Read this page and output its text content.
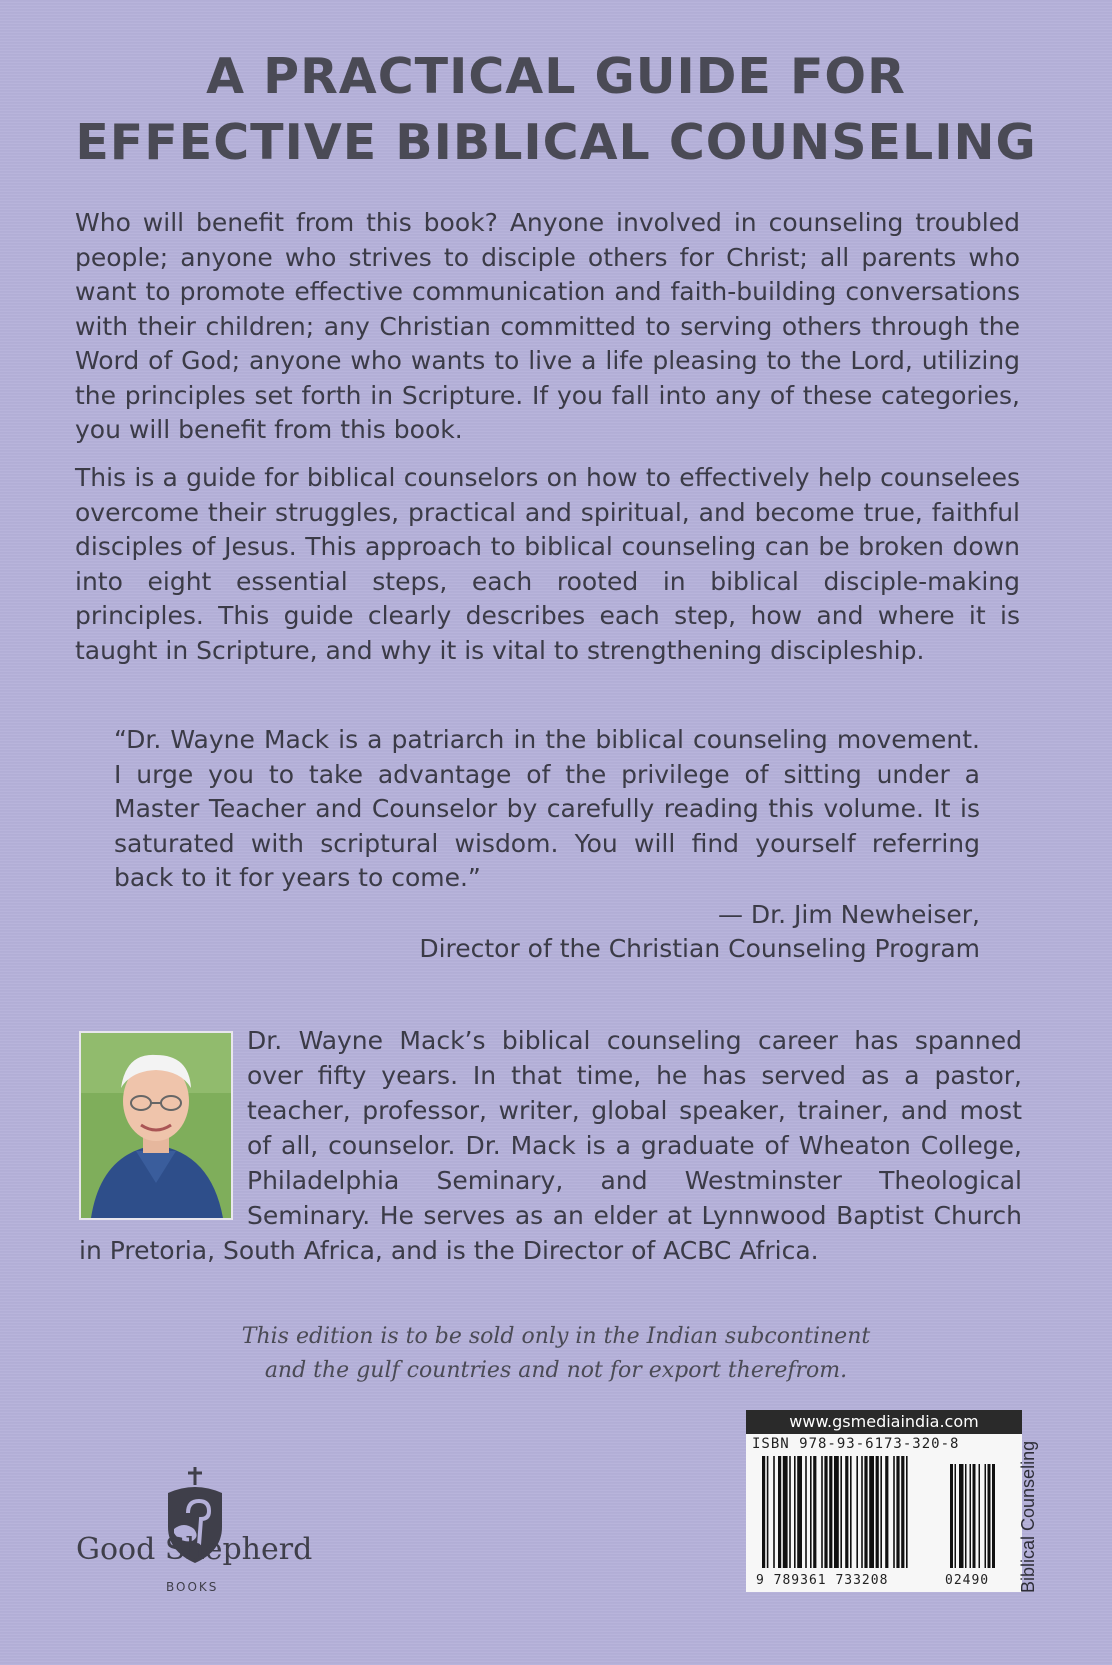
A PRACTICAL GUIDE FOR
EFFECTIVE BIBLICAL COUNSELING
Who will benefit from this book? Anyone involved in counseling troubled people; anyone who strives to disciple others for Christ; all parents who want to promote effective communication and faith-building conversations with their children; any Christian committed to serving others through the Word of God; anyone who wants to live a life pleasing to the Lord, utilizing the principles set forth in Scripture. If you fall into any of these categories, you will benefit from this book.
This is a guide for biblical counselors on how to effectively help counselees overcome their struggles, practical and spiritual, and become true, faithful disciples of Jesus. This approach to biblical counseling can be broken down into eight essential steps, each rooted in biblical disciple-making principles. This guide clearly describes each step, how and where it is taught in Scripture, and why it is vital to strengthening discipleship.
“Dr. Wayne Mack is a patriarch in the biblical counseling movement. I urge you to take advantage of the privilege of sitting under a Master Teacher and Counselor by carefully reading this volume. It is saturated with scriptural wisdom. You will find yourself referring back to it for years to come.”
— Dr. Jim Newheiser,
Director of the Christian Counseling Program
Dr. Wayne Mack’s biblical counseling career has spanned over fifty years. In that time, he has served as a pastor, teacher, professor, writer, global speaker, trainer, and most of all, counselor. Dr. Mack is a graduate of Wheaton College, Philadelphia Seminary, and Westminster Theological Seminary. He serves as an elder at Lynnwood Baptist Church in Pretoria, South Africa, and is the Director of ACBC Africa.
This edition is to be sold only in the Indian subcontinent
and the gulf countries and not for export therefrom.
Good Shepherd
BOOKS
www.gsmediaindia.com
ISBN 978-93-6173-320-8
9 789361 733208	02490 Biblical Counseling
